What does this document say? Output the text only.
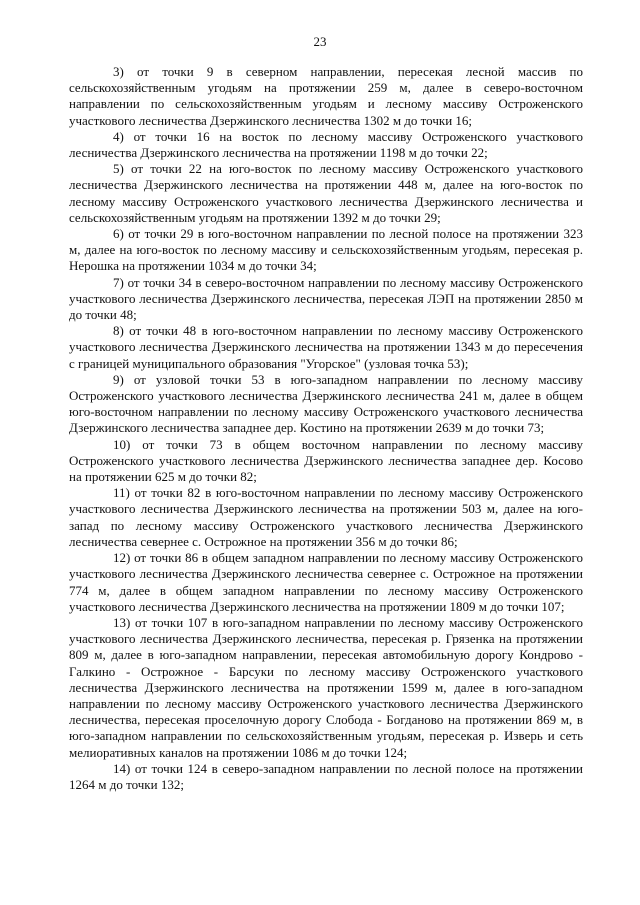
23

3) от точки 9 в северном направлении, пересекая лесной массив по сельскохозяйственным угодьям на протяжении 259 м, далее в северо-восточном направлении по сельскохозяйственным угодьям и лесному массиву Остроженского участкового лесничества Дзержинского лесничества 1302 м до точки 16;

4) от точки 16 на восток по лесному массиву Остроженского участкового лесничества Дзержинского лесничества на протяжении 1198 м до точки 22;

5) от точки 22 на юго-восток по лесному массиву Остроженского участкового лесничества Дзержинского лесничества на протяжении 448 м, далее на юго-восток по лесному массиву Остроженского участкового лесничества Дзержинского лесничества и сельскохозяйственным угодьям на протяжении 1392 м до точки 29;

6) от точки 29 в юго-восточном направлении по лесной полосе на протяжении 323 м, далее на юго-восток по лесному массиву и сельскохозяйственным угодьям, пересекая р. Нерошка на протяжении 1034 м до точки 34;

7) от точки 34 в северо-восточном направлении по лесному массиву Остроженского участкового лесничества Дзержинского лесничества, пересекая ЛЭП на протяжении 2850 м до точки 48;

8) от точки 48 в юго-восточном направлении по лесному массиву Остроженского участкового лесничества Дзержинского лесничества на протяжении 1343 м до пересечения с границей муниципального образования "Угорское" (узловая точка 53);

9) от узловой точки 53 в юго-западном направлении по лесному массиву Остроженского участкового лесничества Дзержинского лесничества 241 м, далее в общем юго-восточном направлении по лесному массиву Остроженского участкового лесничества Дзержинского лесничества западнее дер. Костино на протяжении 2639 м до точки 73;

10) от точки 73 в общем восточном направлении по лесному массиву Остроженского участкового лесничества Дзержинского лесничества западнее дер. Косово на протяжении 625 м до точки 82;

11) от точки 82 в юго-восточном направлении по лесному массиву Остроженского участкового лесничества Дзержинского лесничества на протяжении 503 м, далее на юго-запад по лесному массиву Остроженского участкового лесничества Дзержинского лесничества севернее с. Острожное на протяжении 356 м до точки 86;

12) от точки 86 в общем западном направлении по лесному массиву Остроженского участкового лесничества Дзержинского лесничества севернее с. Острожное на протяжении 774 м, далее в общем западном направлении по лесному массиву Остроженского участкового лесничества Дзержинского лесничества на протяжении 1809 м до точки 107;

13) от точки 107 в юго-западном направлении по лесному массиву Остроженского участкового лесничества Дзержинского лесничества, пересекая р. Грязенка на протяжении 809 м, далее в юго-западном направлении, пересекая автомобильную дорогу Кондрово - Галкино - Острожное - Барсуки по лесному массиву Остроженского участкового лесничества Дзержинского лесничества на протяжении 1599 м, далее в юго-западном направлении по лесному массиву Остроженского участкового лесничества Дзержинского лесничества, пересекая проселочную дорогу Слобода - Богданово на протяжении 869 м, в юго-западном направлении по сельскохозяйственным угодьям, пересекая р. Изверь и сеть мелиоративных каналов на протяжении 1086 м до точки 124;

14) от точки 124 в северо-западном направлении по лесной полосе на протяжении 1264 м до точки 132;
